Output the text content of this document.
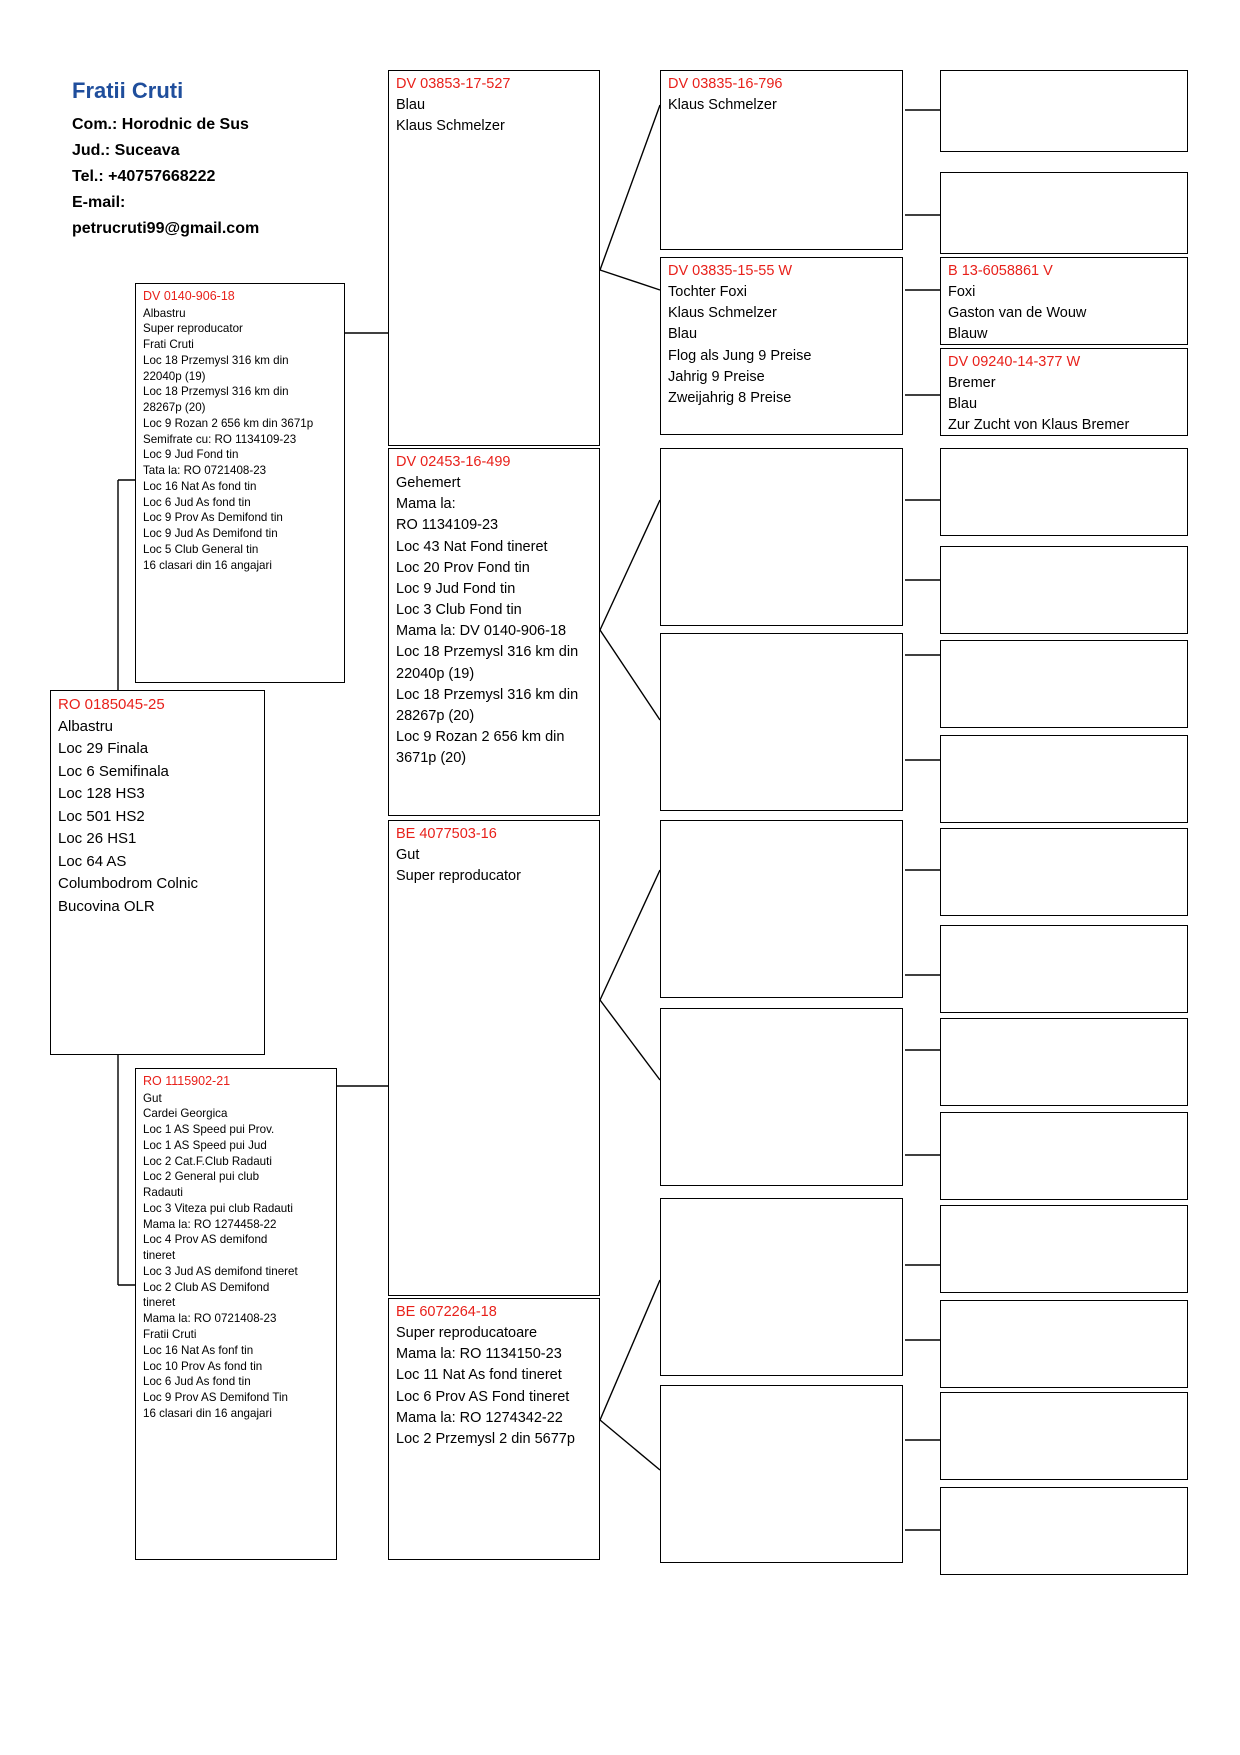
Fratii Cruti
Com.: Horodnic de Sus
Jud.: Suceava
Tel.: +40757668222
E-mail:
petrucruti99@gmail.com
RO 0185045-25
Albastru
Loc 29 Finala
Loc 6 Semifinala
Loc 128 HS3
Loc 501 HS2
Loc 26 HS1
Loc 64 AS
Columbodrom Colnic
Bucovina OLR
DV 0140-906-18
Albastru
Super reproducator
Frati Cruti
Loc 18 Przemysl 316 km din
22040p (19)
Loc 18 Przemysl 316 km din
28267p (20)
Loc 9 Rozan 2 656 km din 3671p
Semifrate cu: RO 1134109-23
Loc 9 Jud Fond tin
Tata la: RO 0721408-23
Loc 16 Nat As fond tin
Loc 6 Jud As fond tin
Loc 9 Prov As Demifond tin
Loc 9 Jud As Demifond tin
Loc 5 Club General tin
16 clasari din 16 angajari
RO 1115902-21
Gut
Cardei Georgica
Loc 1 AS Speed pui Prov.
Loc 1 AS Speed pui Jud
Loc 2 Cat.F.Club Radauti
Loc 2 General pui club
Radauti
Loc 3 Viteza pui club Radauti
Mama la: RO 1274458-22
Loc 4 Prov AS demifond
tineret
Loc 3 Jud AS demifond tineret
Loc 2 Club AS Demifond
tineret
Mama la: RO 0721408-23
Fratii Cruti
Loc 16 Nat As fonf tin
Loc 10 Prov As fond tin
Loc 6 Jud As fond tin
Loc 9 Prov AS Demifond Tin
16 clasari din 16 angajari
DV 03853-17-527
Blau
Klaus Schmelzer
DV 02453-16-499
Gehemert
Mama la:
RO 1134109-23
Loc 43 Nat Fond tineret
Loc 20 Prov Fond tin
Loc 9 Jud Fond tin
Loc 3 Club Fond tin
Mama la: DV 0140-906-18
Loc 18 Przemysl 316 km din
22040p (19)
Loc 18 Przemysl 316 km din
28267p (20)
Loc 9 Rozan 2 656 km din
3671p (20)
BE 4077503-16
Gut
Super reproducator
BE 6072264-18
Super reproducatoare
Mama la: RO 1134150-23
Loc 11 Nat As fond tineret
Loc 6 Prov AS Fond tineret
Mama la: RO 1274342-22
Loc 2 Przemysl 2 din 5677p
DV 03835-16-796
Klaus Schmelzer
DV 03835-15-55 W
Tochter Foxi
Klaus Schmelzer
Blau
Flog als Jung 9 Preise
Jahrig 9 Preise
Zweijahrig 8 Preise
B 13-6058861 V
Foxi
Gaston van de Wouw
Blauw
DV 09240-14-377 W
Bremer
Blau
Zur Zucht von Klaus Bremer
